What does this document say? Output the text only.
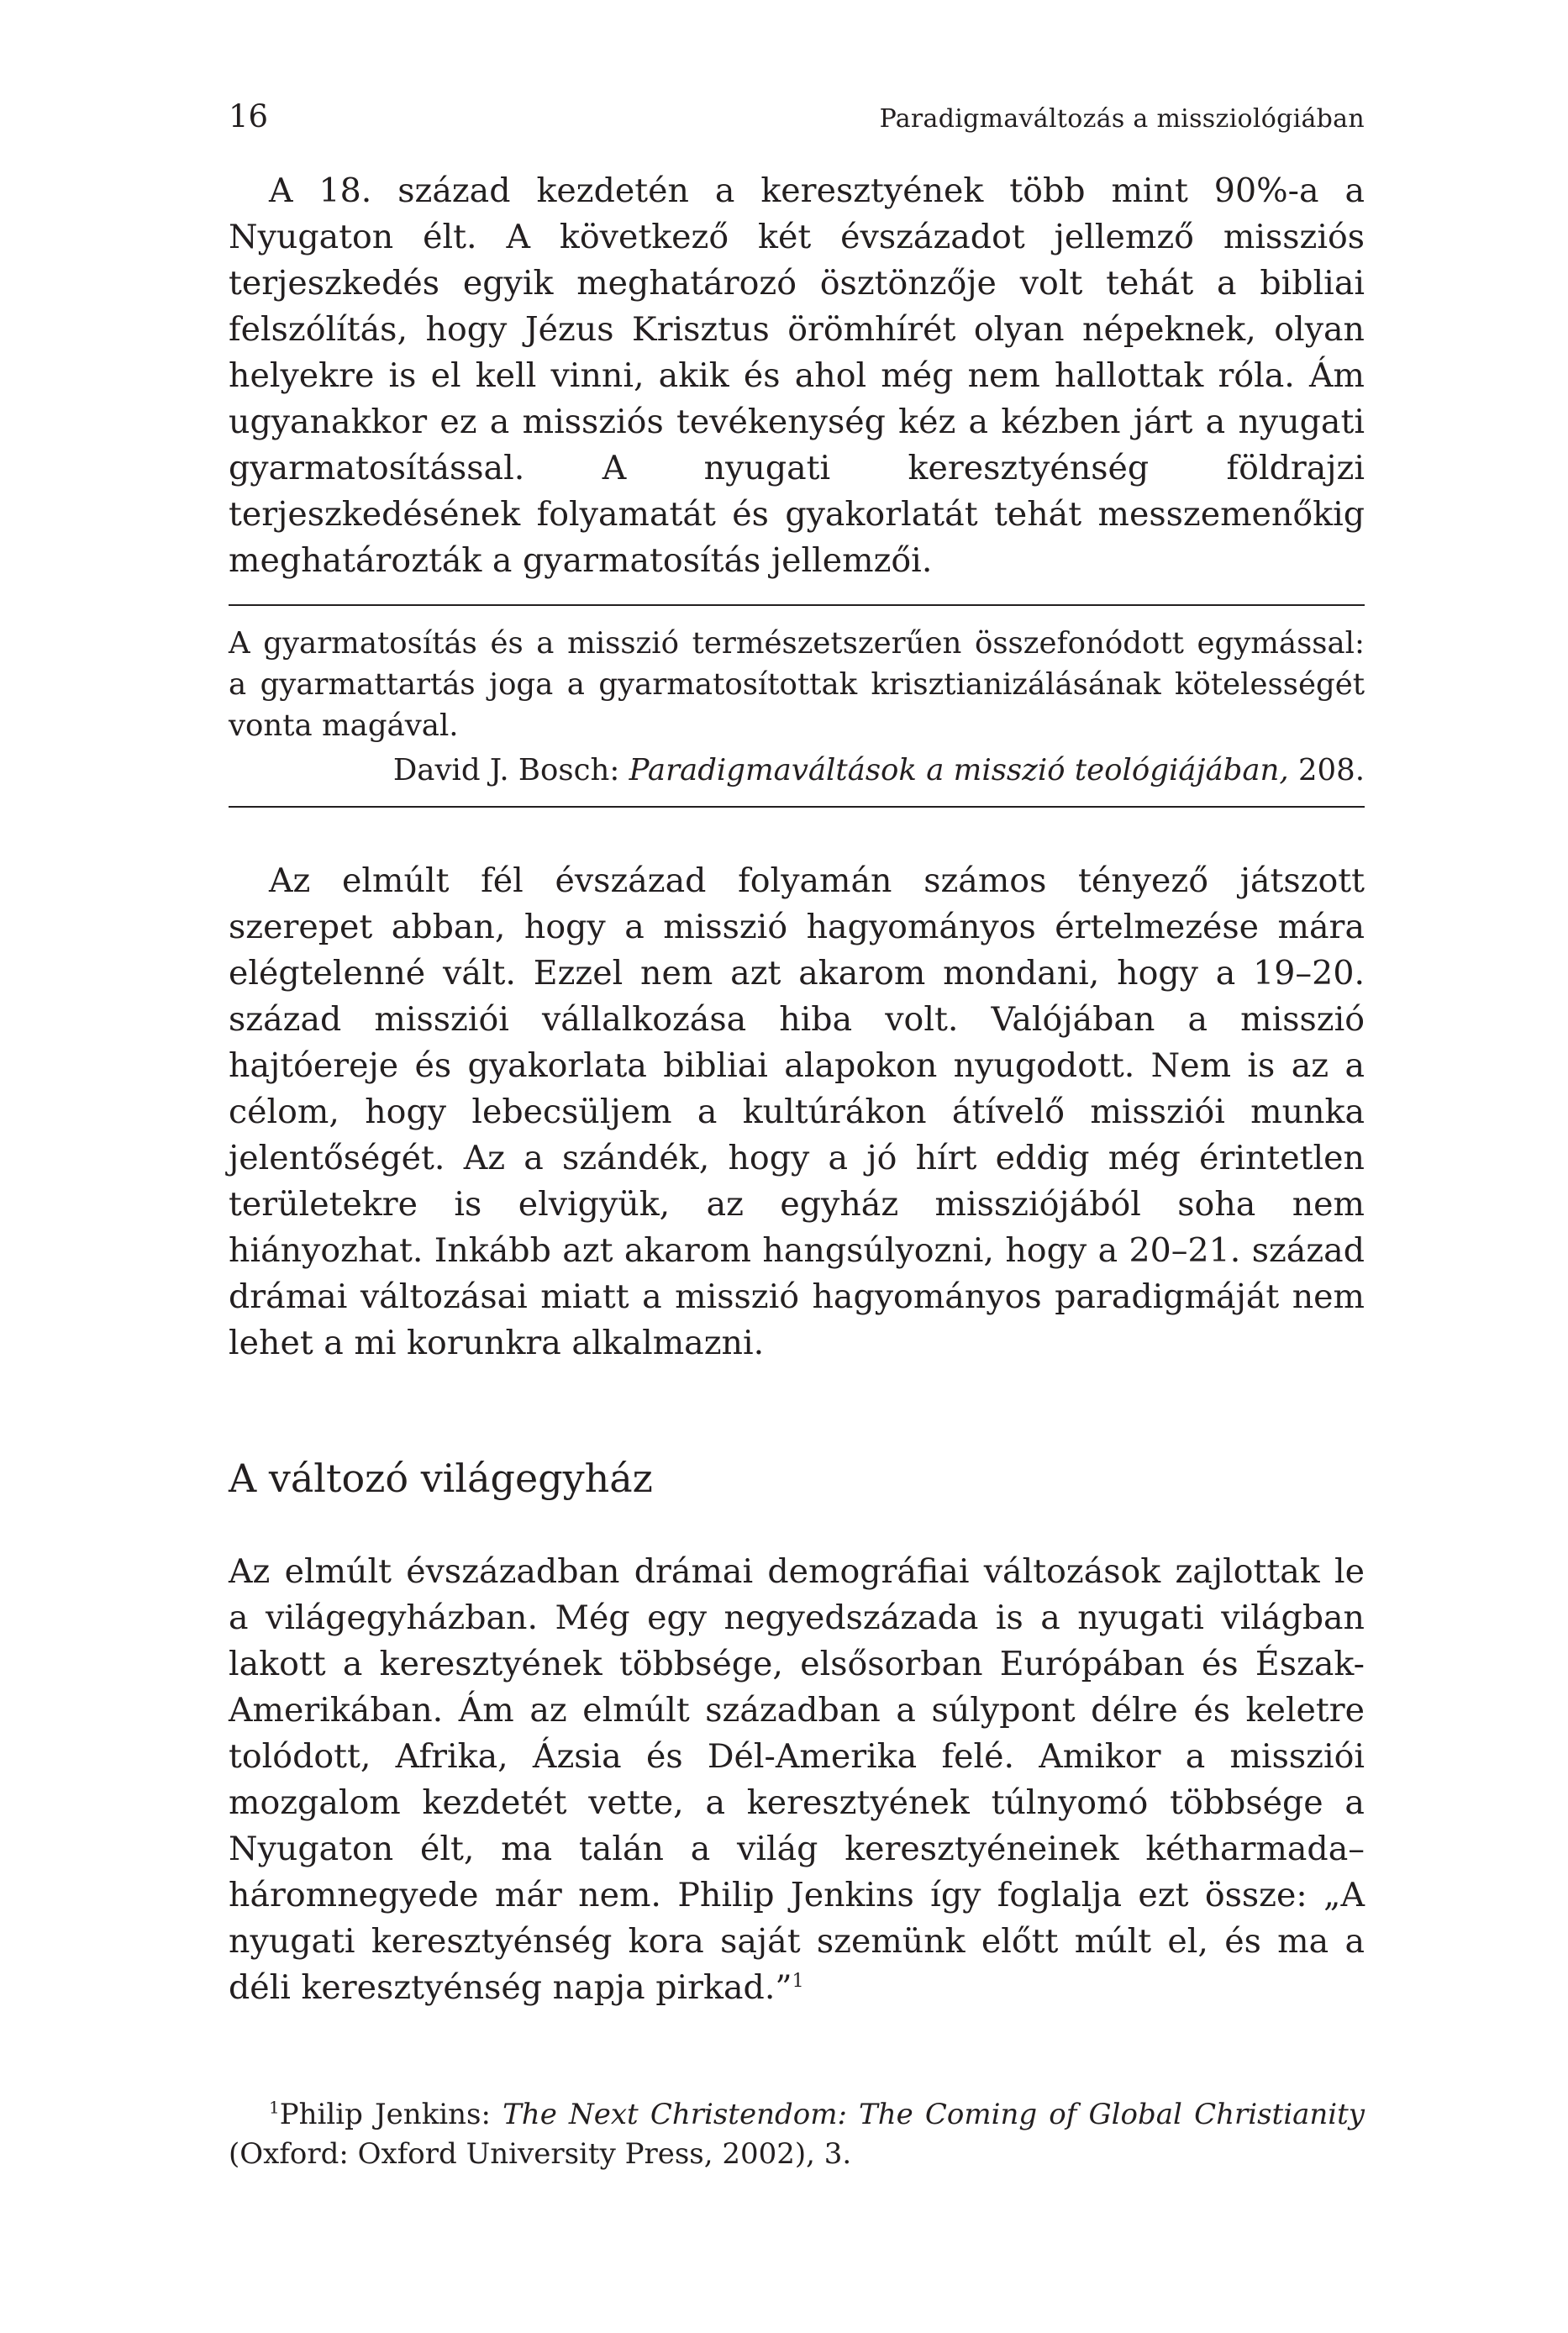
16	Paradigmaváltozás a missziológiában

A 18. század kezdetén a keresztyének több mint 90%-a a Nyugaton élt. A következő két évszázadot jellemző missziós terjeszkedés egyik meghatározó ösztönzője volt tehát a bibliai felszólítás, hogy Jézus Krisztus örömhírét olyan népeknek, olyan helyekre is el kell vinni, akik és ahol még nem hallottak róla. Ám ugyanakkor ez a missziós tevékenység kéz a kézben járt a nyugati gyarmatosítással. A nyugati keresztyénség földrajzi terjeszkedésének folyamatát és gyakorlatát tehát messzemenőkig meghatározták a gyarmatosítás jellemzői.

A gyarmatosítás és a misszió természetszerűen összefonódott egymással: a gyarmattartás joga a gyarmatosítottak krisztianizálásának kötelességét vonta magával.

David J. Bosch: Paradigmaváltások a misszió teológiájában, 208.

Az elmúlt fél évszázad folyamán számos tényező játszott szerepet abban, hogy a misszió hagyományos értelmezése mára elégtelenné vált. Ezzel nem azt akarom mondani, hogy a 19–20. század missziói vállalkozása hiba volt. Valójában a misszió hajtóereje és gyakorlata bibliai alapokon nyugodott. Nem is az a célom, hogy lebecsüljem a kultúrákon átívelő missziói munka jelentőségét. Az a szándék, hogy a jó hírt eddig még érintetlen területekre is elvigyük, az egyház missziójából soha nem hiányozhat. Inkább azt akarom hangsúlyozni, hogy a 20–21. század drámai változásai miatt a misszió hagyományos paradigmáját nem lehet a mi korunkra alkalmazni.

A változó világegyház

Az elmúlt évszázadban drámai demográfiai változások zajlottak le a világegyházban. Még egy negyedszázada is a nyugati világban lakott a keresztyének többsége, elsősorban Európában és Észak-Amerikában. Ám az elmúlt században a súlypont délre és keletre tolódott, Afrika, Ázsia és Dél-Amerika felé. Amikor a missziói mozgalom kezdetét vette, a keresztyének túlnyomó többsége a Nyugaton élt, ma talán a világ keresztyéneinek kétharmada–háromnegyede már nem. Philip Jenkins így foglalja ezt össze: „A nyugati keresztyénség kora saját szemünk előtt múlt el, és ma a déli keresztyénség napja pirkad.”$^1$

$^1$Philip Jenkins: The Next Christendom: The Coming of Global Christianity (Oxford: Oxford University Press, 2002), 3.
